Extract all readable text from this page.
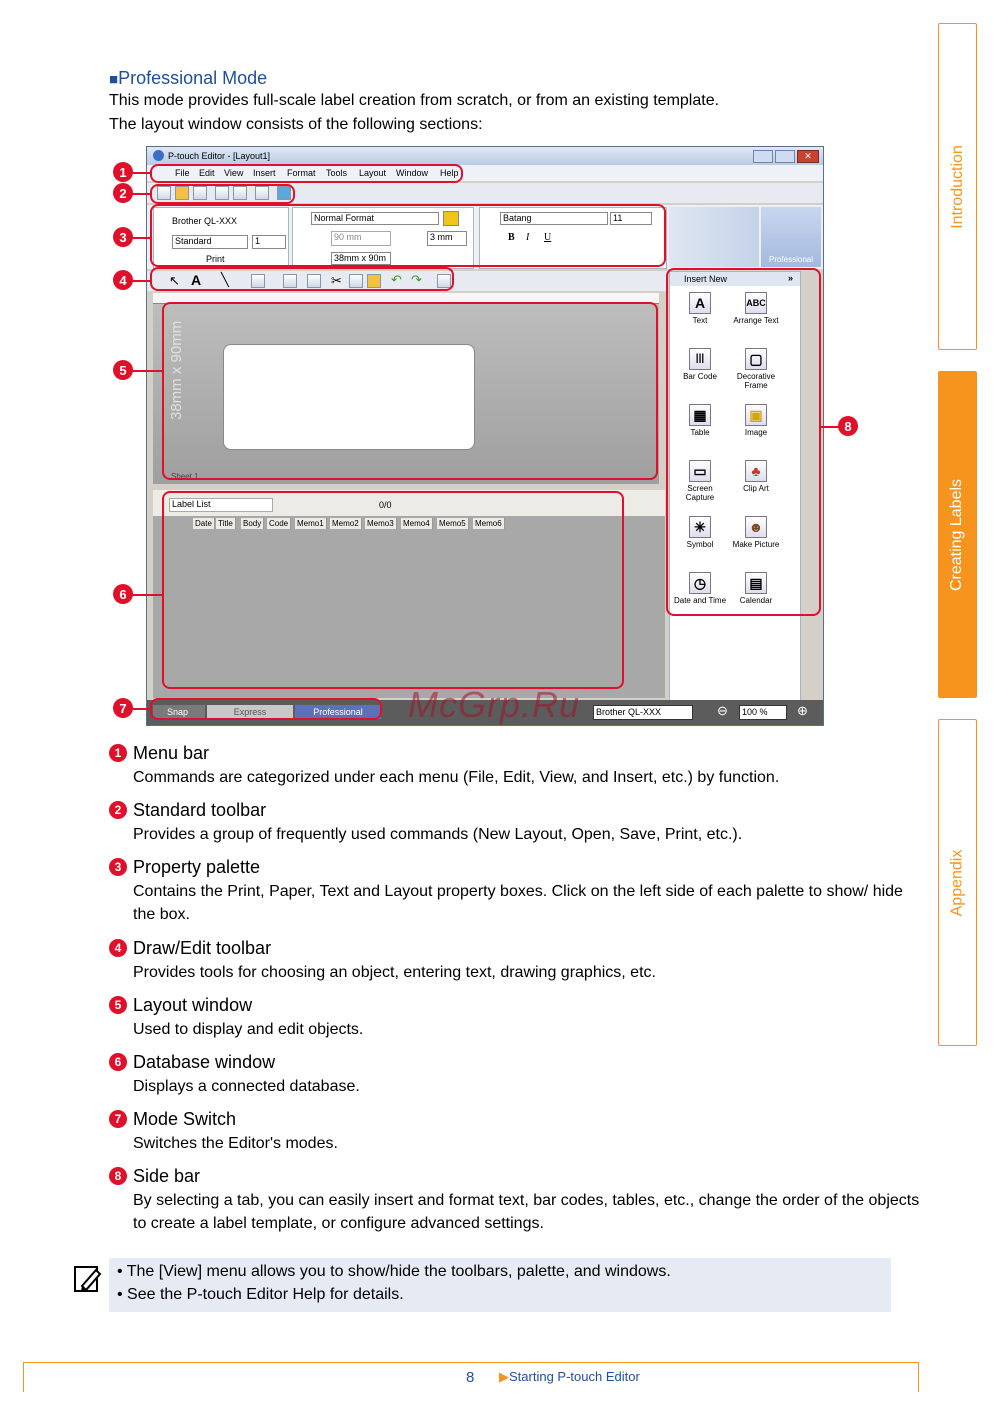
Introduction
Creating Labels
Appendix
■Professional Mode
This mode provides full-scale label creation from scratch, or from an existing template.
The layout window consists of the following sections:
P-touch Editor - [Layout1]	✕
File Edit View Insert Format Tools Layout Window Help
Brother QL-XXX
Standard	1
Print
Normal Format
90 mm	3 mm
38mm x 90m
Batang	11
B I U
Professional
↖ A ╲	✂	↶ ↷
38mm x 90mm
Sheet 1
Label List	0/0
Date Title	Body Code	Memo1	Memo2	Memo3	Memo4	Memo5	Memo6
Insert New	»
A
Text
ABC
Arrange Text
|||
Bar Code
▢
Decorative Frame
▦
Table
▣
Image
▭
Screen Capture
♣
Clip Art
✳
Symbol
☻
Make Picture
◷
Date and Time
▤
Calendar
Snap	Express	Professional	Brother QL-XXX	⊖	100 %	⊕
1
2
3
4
5
6
7
8
McGrp.Ru
1 Menu bar
Commands are categorized under each menu (File, Edit, View, and Insert, etc.) by function.
2 Standard toolbar
Provides a group of frequently used commands (New Layout, Open, Save, Print, etc.).
3 Property palette
Contains the Print, Paper, Text and Layout property boxes. Click on the left side of each palette to show/ hide the box.
4 Draw/Edit toolbar
Provides tools for choosing an object, entering text, drawing graphics, etc.
5 Layout window
Used to display and edit objects.
6 Database window
Displays a connected database.
7 Mode Switch
Switches the Editor's modes.
8 Side bar
By selecting a tab, you can easily insert and format text, bar codes, tables, etc., change the order of the objects to create a label template, or configure advanced settings.
• The [View] menu allows you to show/hide the toolbars, palette, and windows.
• See the P-touch Editor Help for details.
8 ▶Starting P-touch Editor
